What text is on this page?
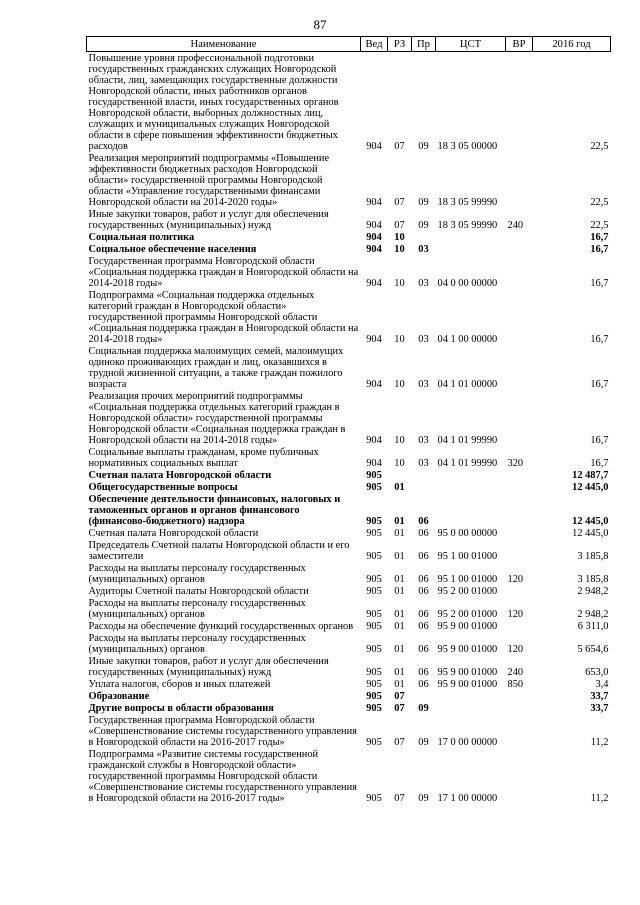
87
Наименование	Вед	РЗ	Пр	ЦСТ	ВР	2016 год
Повышение уровня профессиональной подготовки государственных гражданских служащих Новгородской области, лиц, замещающих государственные должности Новгородской области, иных работников органов государственной власти, иных государственных органов Новгородской области, выборных должностных лиц, служащих и муниципальных служащих Новгородской области в сфере повышения эффективности бюджетных расходов	904	07	09	18 3 05 00000		22,5
Реализация мероприятий подпрограммы «Повышение эффективности бюджетных расходов Новгородской области» государственной программы Новгородской области «Управление государственными финансами Новгородской области на 2014-2020 годы»	904	07	09	18 3 05 99990		22,5
Иные закупки товаров, работ и услуг для обеспечения государственных (муниципальных) нужд	904	07	09	18 3 05 99990	240	22,5
Социальная политика	904	10				16,7
Социальное обеспечение населения	904	10	03			16,7
Государственная программа Новгородской области «Социальная поддержка граждан в Новгородской области на 2014-2018 годы»	904	10	03	04 0 00 00000		16,7
Подпрограмма «Социальная поддержка отдельных категорий граждан в Новгородской области» государственной программы Новгородской области «Социальная поддержка граждан в Новгородской области на 2014-2018 годы»	904	10	03	04 1 00 00000		16,7
Социальная поддержка малоимущих семей, малоимущих одиноко проживающих граждан и лиц, оказавшихся в трудной жизненной ситуации, а также граждан пожилого возраста	904	10	03	04 1 01 00000		16,7
Реализация прочих мероприятий подпрограммы «Социальная поддержка отдельных категорий граждан в Новгородской области» государственной программы Новгородской области «Социальная поддержка граждан в Новгородской области на 2014-2018 годы»	904	10	03	04 1 01 99990		16,7
Социальные выплаты гражданам, кроме публичных нормативных социальных выплат	904	10	03	04 1 01 99990	320	16,7
Счетная палата Новгородской области	905					12 487,7
Общегосударственные вопросы	905	01				12 445,0
Обеспечение деятельности финансовых, налоговых и таможенных органов и органов финансового (финансово-бюджетного) надзора	905	01	06			12 445,0
Счетная палата Новгородской области	905	01	06	95 0 00 00000		12 445,0
Председатель Счетной палаты Новгородской области и его заместители	905	01	06	95 1 00 01000		3 185,8
Расходы на выплаты персоналу государственных (муниципальных) органов	905	01	06	95 1 00 01000	120	3 185,8
Аудиторы Счетной палаты Новгородской области	905	01	06	95 2 00 01000		2 948,2
Расходы на выплаты персоналу государственных (муниципальных) органов	905	01	06	95 2 00 01000	120	2 948,2
Расходы на обеспечение функций государственных органов	905	01	06	95 9 00 01000		6 311,0
Расходы на выплаты персоналу государственных (муниципальных) органов	905	01	06	95 9 00 01000	120	5 654,6
Иные закупки товаров, работ и услуг для обеспечения государственных (муниципальных) нужд	905	01	06	95 9 00 01000	240	653,0
Уплата налогов, сборов и иных платежей	905	01	06	95 9 00 01000	850	3,4
Образование	905	07				33,7
Другие вопросы в области образования	905	07	09			33,7
Государственная программа Новгородской области «Совершенствование системы государственного управления в Новгородской области на 2016-2017 годы»	905	07	09	17 0 00 00000		11,2
Подпрограмма «Развитие системы государственной гражданской службы в Новгородской области» государственной программы Новгородской области «Совершенствование системы государственного управления в Новгородской области на 2016-2017 годы»	905	07	09	17 1 00 00000		11,2
